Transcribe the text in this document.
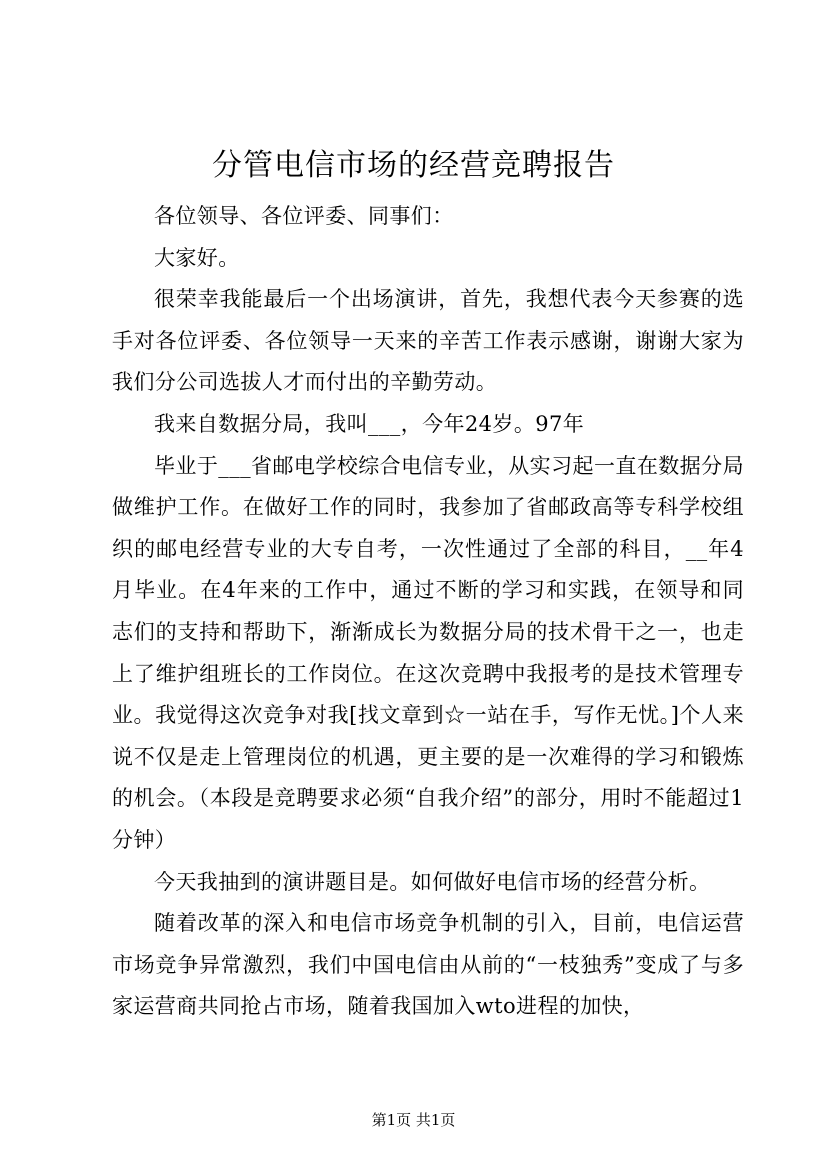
分管电信市场的经营竞聘报告

各位领导、各位评委、同事们：

大家好。

很荣幸我能最后一个出场演讲，首先，我想代表今天参赛的选手对各位评委、各位领导一天来的辛苦工作表示感谢，谢谢大家为我们分公司选拔人才而付出的辛勤劳动。

我来自数据分局，我叫___，今年24岁。97年

毕业于___省邮电学校综合电信专业，从实习起一直在数据分局做维护工作。在做好工作的同时，我参加了省邮政高等专科学校组织的邮电经营专业的大专自考，一次性通过了全部的科目，__年4月毕业。在4年来的工作中，通过不断的学习和实践，在领导和同志们的支持和帮助下，渐渐成长为数据分局的技术骨干之一，也走上了维护组班长的工作岗位。在这次竞聘中我报考的是技术管理专业。我觉得这次竞争对我[找文章到☆一站在手，写作无忧。]个人来说不仅是走上管理岗位的机遇，更主要的是一次难得的学习和锻炼的机会。（本段是竞聘要求必须“自我介绍”的部分，用时不能超过1分钟）

今天我抽到的演讲题目是。如何做好电信市场的经营分析。

随着改革的深入和电信市场竞争机制的引入，目前，电信运营市场竞争异常激烈，我们中国电信由从前的“一枝独秀”变成了与多家运营商共同抢占市场，随着我国加入wto进程的加快，

第1页 共1页
